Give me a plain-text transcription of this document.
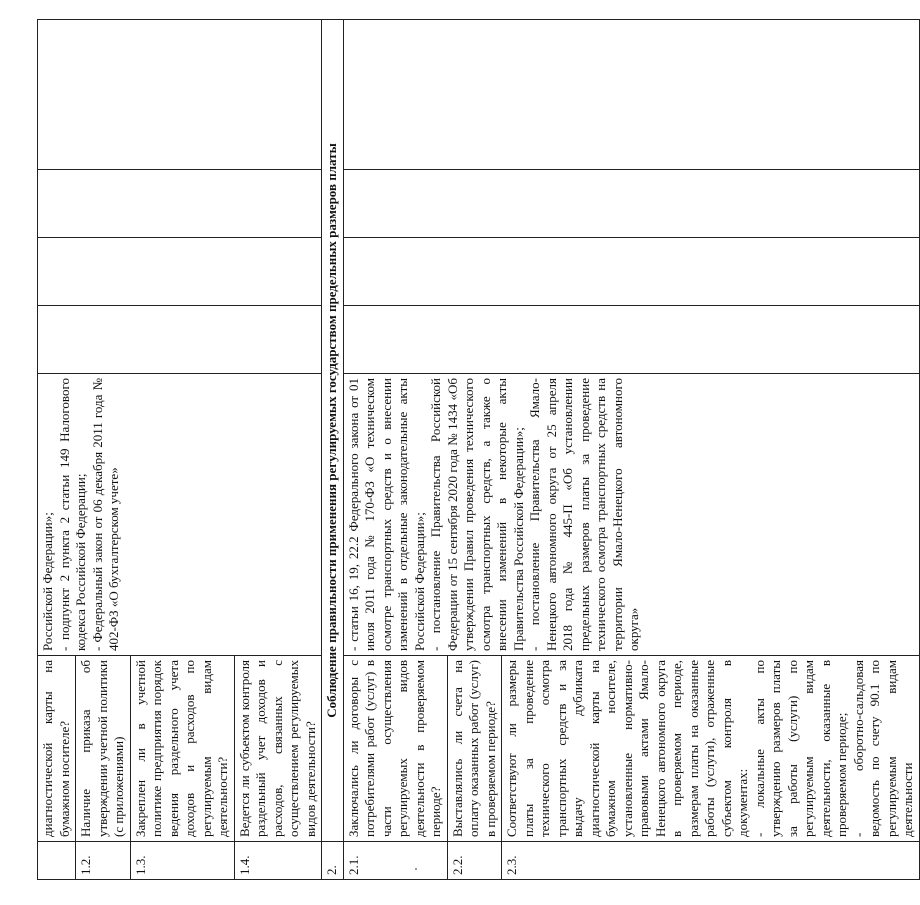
	диагностической карты на бумажном носителе?	Российской Федерации»; - подпункт 2 пункта 2 статьи 149 Налогового кодекса Российской Федерации; - Федеральный закон от 06 декабря 2011 года № 402-ФЗ «О бухгалтерском учете»				

1.2.	Наличие приказа об утверждении учетной политики (с приложениями)					
1.3.	Закреплен ли в учетной политике предприятия порядок ведения раздельного учета доходов и расходов по регулируемым видам деятельности?					
1.4.	Ведется ли субъектом контроля раздельный учет доходов и расходов, связанных с осуществлением регулируемых видов деятельности?					
2.	Соблюдение правильности применения регулируемых государством предельных размеров платы					
2.1.	Заключались ли договоры с потребителями работ (услуг) в части осуществления регулируемых видов деятельности в проверяемом периоде?	- статьи 16, 19, 22.2 Федерального закона от 01 июля 2011 года № 170-ФЗ «О техническом осмотре транспортных средств и о внесении изменений в отдельные законодательные акты Российской Федерации»; - постановление Правительства Российской Федерации от 15 сентября 2020 года № 1434 «Об утверждении Правил проведения технического осмотра транспортных средств, а также о внесении изменений в некоторые акты Правительства Российской Федерации»; - постановление Правительства Ямало-Ненецкого автономного округа от 25 апреля 2018 года № 445-П «Об установлении предельных размеров платы за проведение технического осмотра транспортных средств на территории Ямало-Ненецкого автономного округа»				

2.2.	Выставлялись ли счета на оплату оказанных работ (услуг) в проверяемом периоде?					
2.3.	Соответствуют ли размеры платы за проведение технического осмотра транспортных средств и за выдачу дубликата диагностической карты на бумажном носителе, установленные нормативно-правовыми актами Ямало-Ненецкого автономного округа в проверяемом периоде, размерам платы на оказанные работы (услуги), отраженные субъектом контроля в документах: - локальные акты по утверждению размеров платы за работы (услуги) по регулируемым видам деятельности, оказанные в проверяемом периоде; - оборотно-сальдовая ведомость по счету 90.1 по регулируемым видам деятельности					
